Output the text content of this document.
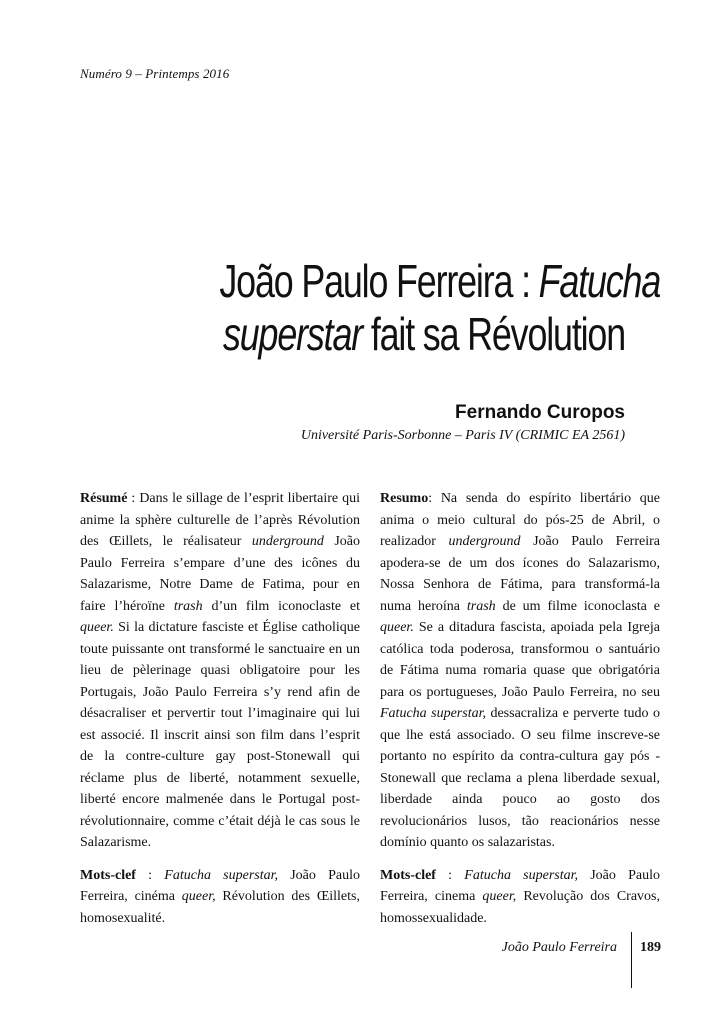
Numéro 9 – Printemps 2016
João Paulo Ferreira : Fatucha
superstar fait sa Révolution
Fernando Curopos
Université Paris-Sorbonne – Paris IV (CRIMIC EA 2561)

Résumé : Dans le sillage de l’esprit libertaire qui anime la sphère culturelle de l’après Révolution des Œillets, le réalisateur underground João Paulo Ferreira s’empare d’une des icônes du Salazarisme, Notre Dame de Fatima, pour en faire l’héroïne trash d’un film iconoclaste et queer. Si la dictature fasciste et Église catholique toute puissante ont transformé le sanctuaire en un lieu de pèlerinage quasi obligatoire pour les Portugais, João Paulo Ferreira s’y rend afin de désacraliser et pervertir tout l’imaginaire qui lui est associé. Il inscrit ainsi son film dans l’esprit de la contre-culture gay post-Stonewall qui réclame plus de liberté, notamment sexuelle, liberté encore malmenée dans le Portugal post-révolutionnaire, comme c’était déjà le cas sous le Salazarisme.

Mots-clef : Fatucha superstar, João Paulo Ferreira, cinéma queer, Révolution des Œillets, homosexualité.

Resumo: Na senda do espírito libertário que anima o meio cultural do pós-25 de Abril, o realizador underground João Paulo Ferreira apodera-se de um dos ícones do Salazarismo, Nossa Senhora de Fátima, para transformá-la numa heroína trash de um filme iconoclasta e queer. Se a ditadura fascista, apoiada pela Igreja católica toda poderosa, transformou o santuário de Fátima numa romaria quase que obrigatória para os portugueses, João Paulo Ferreira, no seu Fatucha superstar, dessacraliza e perverte tudo o que lhe está associado. O seu filme inscreve-se portanto no espírito da contra-cultura gay pós -Stonewall que reclama a plena liberdade sexual, liberdade ainda pouco ao gosto dos revolucionários lusos, tão reacionários nesse domínio quanto os salazaristas.

Mots-clef : Fatucha superstar, João Paulo Ferreira, cinema queer, Revolução dos Cravos, homossexualidade.

João Paulo Ferreira 189
